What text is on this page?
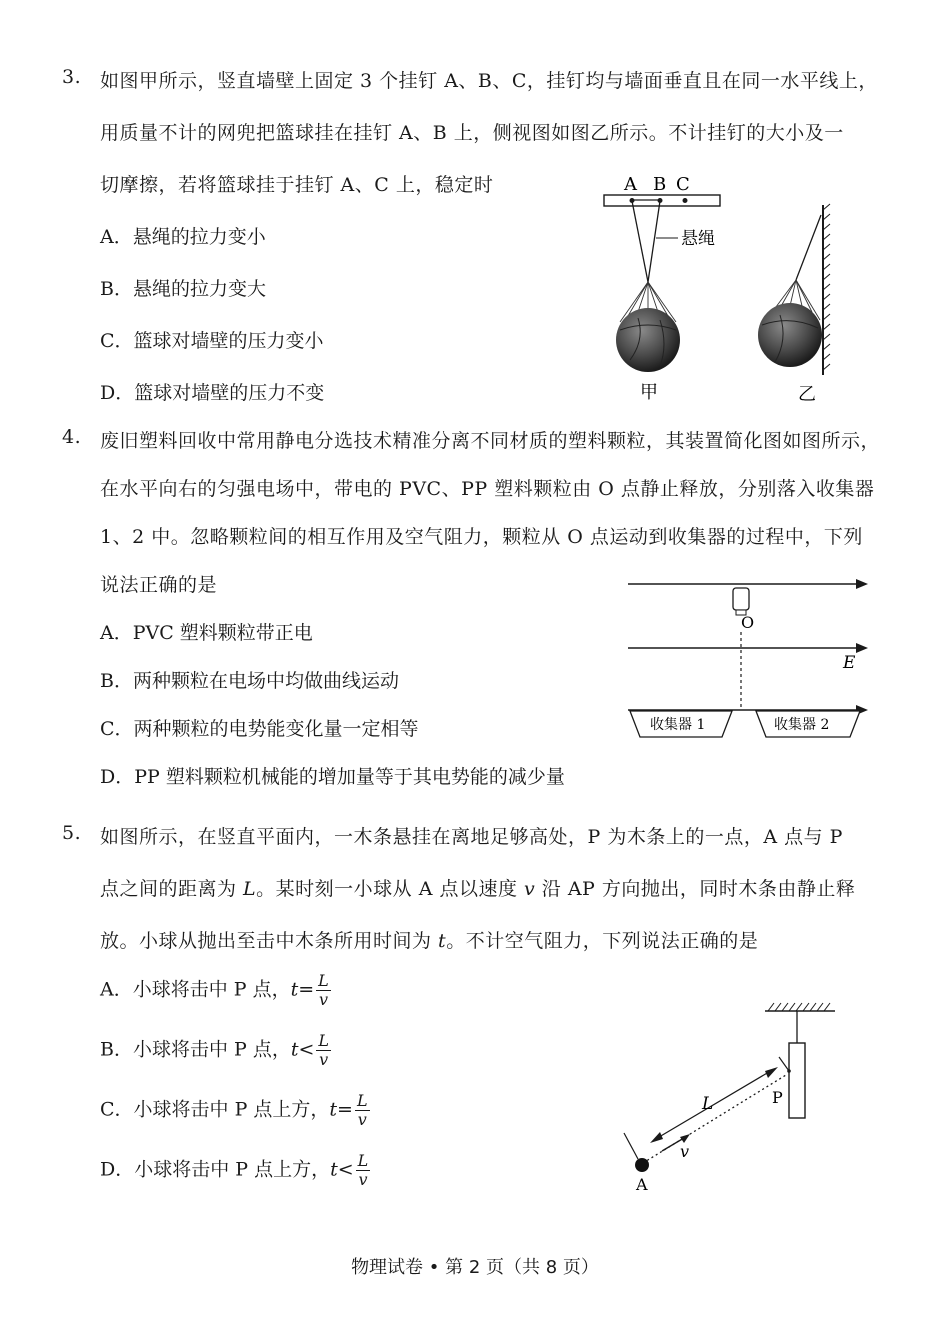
3. 如图甲所示，竖直墙壁上固定 3 个挂钉 A、B、C，挂钉均与墙面垂直且在同一水平线上，
用质量不计的网兜把篮球挂在挂钉 A、B 上，侧视图如图乙所示。不计挂钉的大小及一
切摩擦，若将篮球挂于挂钉 A、C 上，稳定时
A．悬绳的拉力变小
B．悬绳的拉力变大
C．篮球对墙壁的压力变小
D．篮球对墙壁的压力不变
A B C
悬绳
甲	乙
4. 废旧塑料回收中常用静电分选技术精准分离不同材质的塑料颗粒，其装置简化图如图所示，
在水平向右的匀强电场中，带电的 PVC、PP 塑料颗粒由 O 点静止释放，分别落入收集器
1、2 中。忽略颗粒间的相互作用及空气阻力，颗粒从 O 点运动到收集器的过程中，下列
说法正确的是
A．PVC 塑料颗粒带正电
B．两种颗粒在电场中均做曲线运动
C．两种颗粒的电势能变化量一定相等
D．PP 塑料颗粒机械能的增加量等于其电势能的减少量
E
O
收集器 1	收集器 2
5. 如图所示，在竖直平面内，一木条悬挂在离地足够高处，P 为木条上的一点，A 点与 P
点之间的距离为 L。某时刻一小球从 A 点以速度 v 沿 AP 方向抛出，同时木条由静止释
放。小球从抛出至击中木条所用时间为 t。不计空气阻力，下列说法正确的是
A．小球将击中 P 点，$t= \frac{L}{v}$
B．小球将击中 P 点，$t< \frac{L}{v}$
C．小球将击中 P 点上方，$t= \frac{L}{v}$
D．小球将击中 P 点上方，$t< \frac{L}{v}$
P
L
v
A
物理试卷 • 第 2 页（共 8 页）
